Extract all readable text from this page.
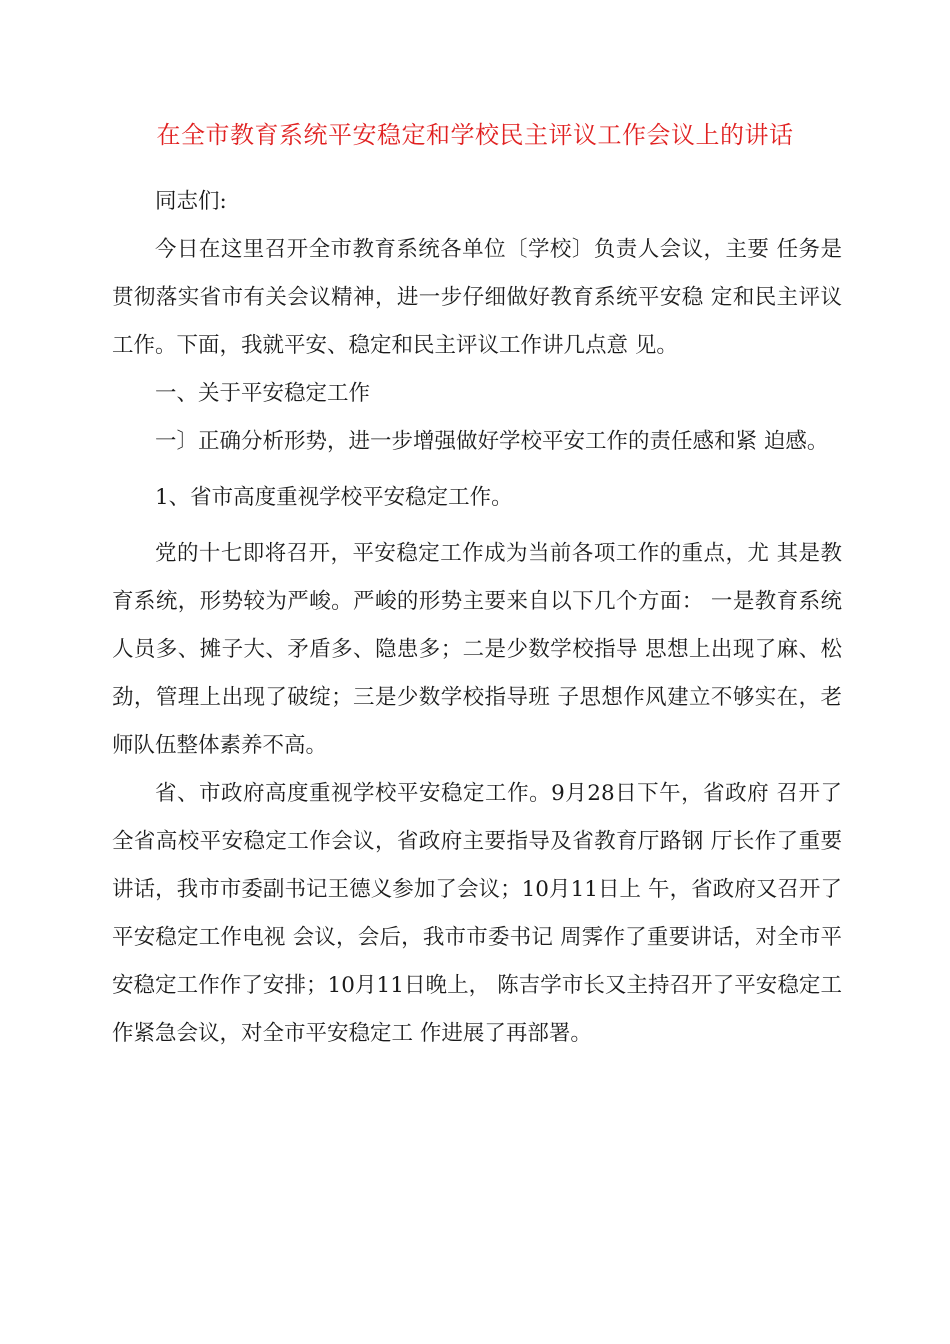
在全市教育系统平安稳定和学校民主评议工作会议上的讲话

同志们:

今日在这里召开全市教育系统各单位〔学校〕负责人会议，主要 任务是贯彻落实省市有关会议精神，进一步仔细做好教育系统平安稳 定和民主评议工作。下面，我就平安、稳定和民主评议工作讲几点意 见。

一、关于平安稳定工作

一〕正确分析形势，进一步增强做好学校平安工作的责任感和紧 迫感。

1、省市高度重视学校平安稳定工作。

党的十七即将召开，平安稳定工作成为当前各项工作的重点，尤 其是教育系统，形势较为严峻。严峻的形势主要来自以下几个方面： 一是教育系统人员多、摊子大、矛盾多、隐患多；二是少数学校指导 思想上出现了麻、松劲，管理上出现了破绽；三是少数学校指导班 子思想作风建立不够实在，老师队伍整体素养不高。

省、市政府高度重视学校平安稳定工作。9月28日下午，省政府 召开了全省高校平安稳定工作会议，省政府主要指导及省教育厅路钢 厅长作了重要讲话，我市市委副书记王德义参加了会议；10月11日上 午，省政府又召开了平安稳定工作电视 会议，会后，我市市委书记 周霁作了重要讲话，对全市平安稳定工作作了安排；10月11日晚上， 陈吉学市长又主持召开了平安稳定工作紧急会议，对全市平安稳定工 作进展了再部署。
